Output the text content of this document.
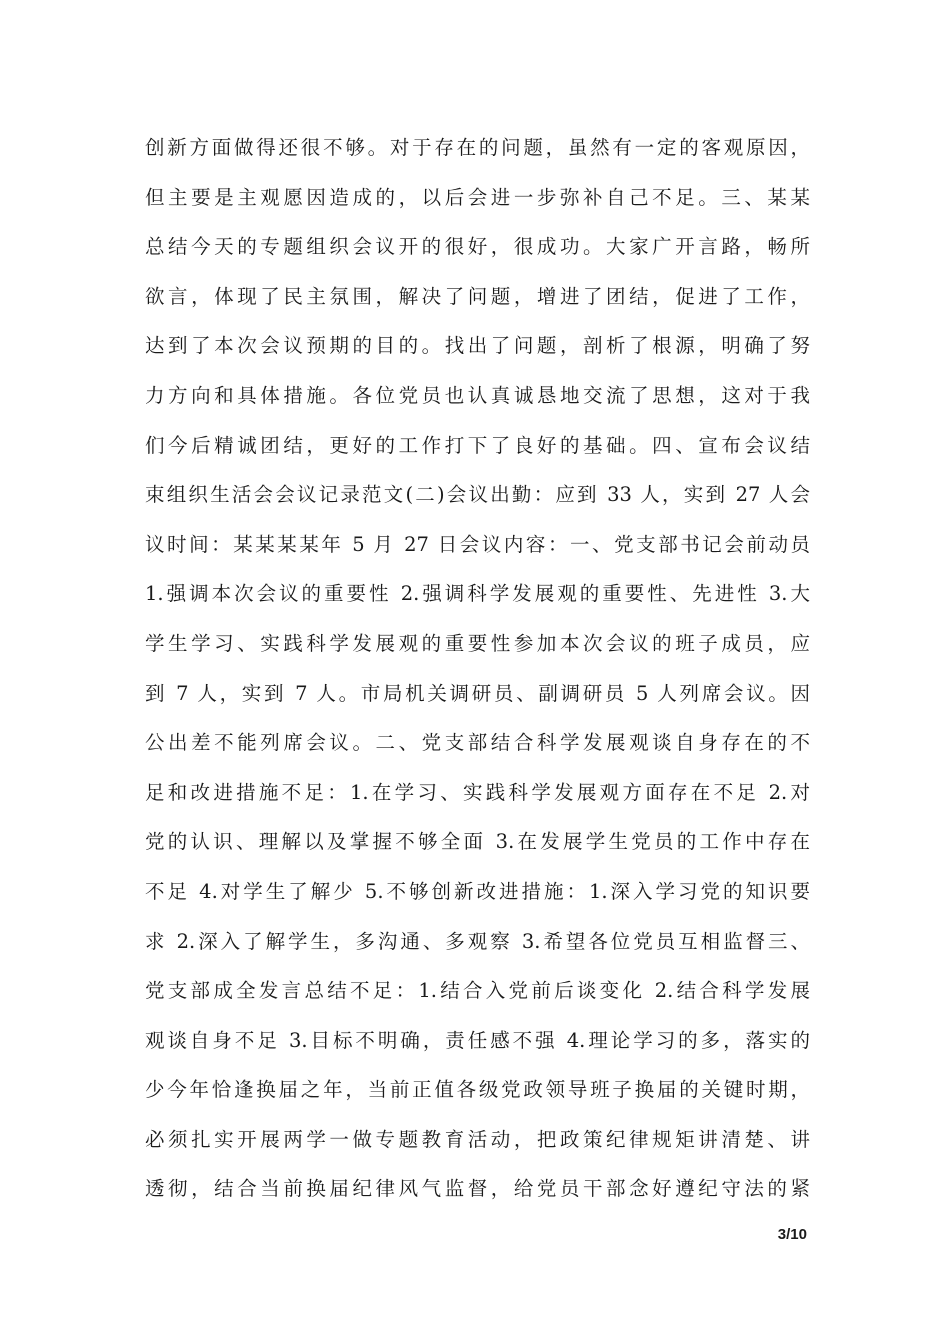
创新方面做得还很不够。对于存在的问题，虽然有一定的客观原因，
但主要是主观愿因造成的，以后会进一步弥补自己不足。三、某某
总结今天的专题组织会议开的很好，很成功。大家广开言路，畅所
欲言，体现了民主氛围，解决了问题，增进了团结，促进了工作，
达到了本次会议预期的目的。找出了问题，剖析了根源，明确了努
力方向和具体措施。各位党员也认真诚恳地交流了思想，这对于我
们今后精诚团结，更好的工作打下了良好的基础。四、宣布会议结
束组织生活会会议记录范文(二)会议出勤：应到 33 人，实到 27 人会
议时间：某某某某年 5 月 27 日会议内容：一、党支部书记会前动员
1.强调本次会议的重要性 2.强调科学发展观的重要性、先进性 3.大
学生学习、实践科学发展观的重要性参加本次会议的班子成员，应
到 7 人，实到 7 人。市局机关调研员、副调研员 5 人列席会议。因
公出差不能列席会议。二、党支部结合科学发展观谈自身存在的不
足和改进措施不足：1.在学习、实践科学发展观方面存在不足 2.对
党的认识、理解以及掌握不够全面 3.在发展学生党员的工作中存在
不足 4.对学生了解少 5.不够创新改进措施：1.深入学习党的知识要
求 2.深入了解学生，多沟通、多观察 3.希望各位党员互相监督三、
党支部成全发言总结不足：1.结合入党前后谈变化 2.结合科学发展
观谈自身不足 3.目标不明确，责任感不强 4.理论学习的多，落实的
少今年恰逢换届之年，当前正值各级党政领导班子换届的关键时期，
必须扎实开展两学一做专题教育活动，把政策纪律规矩讲清楚、讲
透彻，结合当前换届纪律风气监督，给党员干部念好遵纪守法的紧
3/10
